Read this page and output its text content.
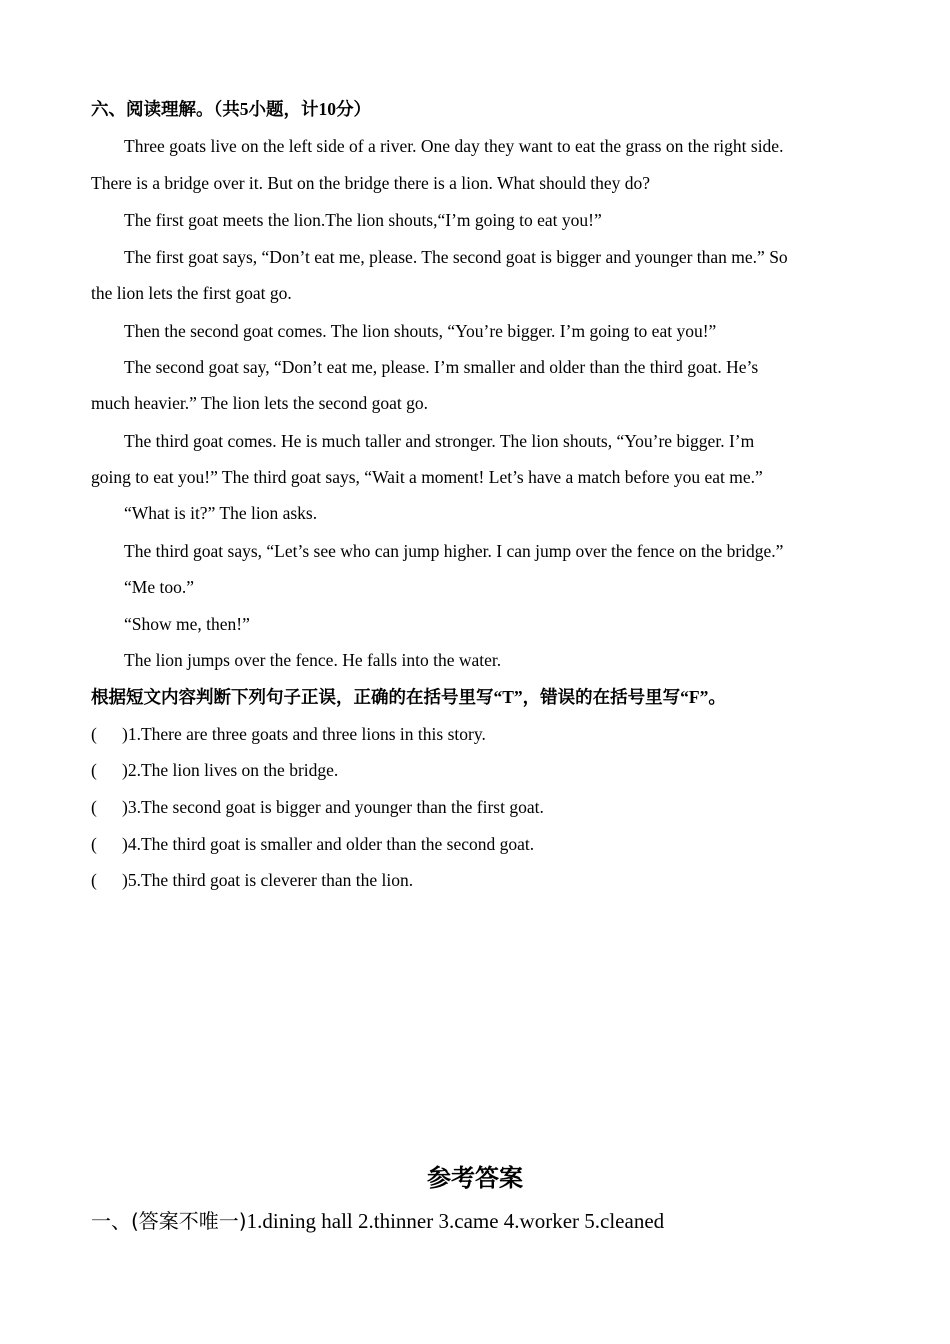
六、阅读理解。（共5小题，计10分）
Three goats live on the left side of a river. One day they want to eat the grass on the right side.
There is a bridge over it. But on the bridge there is a lion. What should they do?
The first goat meets the lion.The lion shouts,“I’m going to eat you!”
The first goat says, “Don’t eat me, please. The second goat is bigger and younger than me.” So
the lion lets the first goat go.
Then the second goat comes. The lion shouts, “You’re bigger. I’m going to eat you!”
The second goat say, “Don’t eat me, please. I’m smaller and older than the third goat. He’s
much heavier.” The lion lets the second goat go.
The third goat comes. He is much taller and stronger. The lion shouts, “You’re bigger. I’m
going to eat you!” The third goat says, “Wait a moment! Let’s have a match before you eat me.”
“What is it?” The lion asks.
The third goat says, “Let’s see who can jump higher. I can jump over the fence on the bridge.”
“Me too.”
“Show me, then!”
The lion jumps over the fence. He falls into the water.
根据短文内容判断下列句子正误，正确的在括号里写“T”，错误的在括号里写“F”。
( )1.There are three goats and three lions in this story.
( )2.The lion lives on the bridge.
( )3.The second goat is bigger and younger than the first goat.
( )4.The third goat is smaller and older than the second goat.
( )5.The third goat is cleverer than the lion.
参考答案
一、(答案不唯一)1.dining hall 2.thinner 3.came 4.worker 5.cleaned
